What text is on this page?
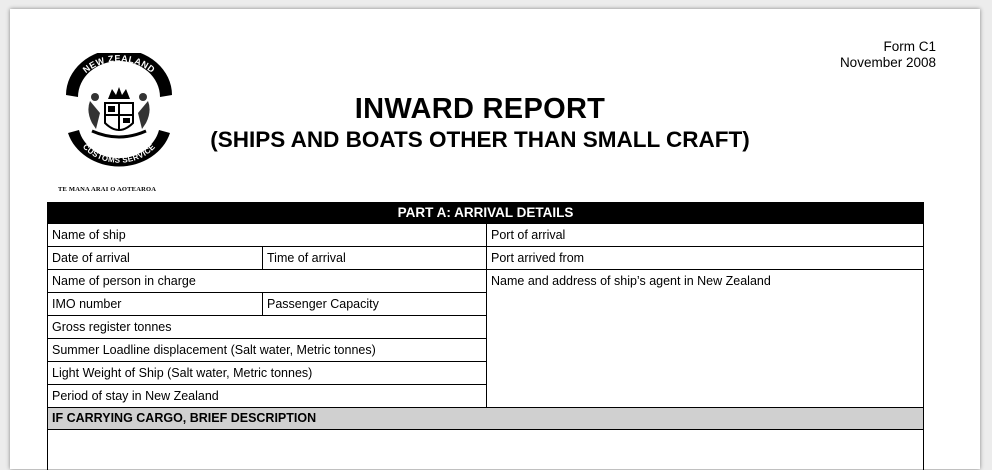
Form C1
November 2008
NEW ZEALAND
CUSTOMS SERVICE
TE MANA ARAI O AOTEAROA
INWARD REPORT
(SHIPS AND BOATS OTHER THAN SMALL CRAFT)
PART A: ARRIVAL DETAILS
Name of ship
Date of arrival	Time of arrival
Name of person in charge
IMO number	Passenger Capacity
Gross register tonnes
Summer Loadline displacement (Salt water, Metric tonnes)
Light Weight of Ship (Salt water, Metric tonnes)
Period of stay in New Zealand
Port of arrival
Port arrived from
Name and address of ship’s agent in New Zealand
IF CARRYING CARGO, BRIEF DESCRIPTION
